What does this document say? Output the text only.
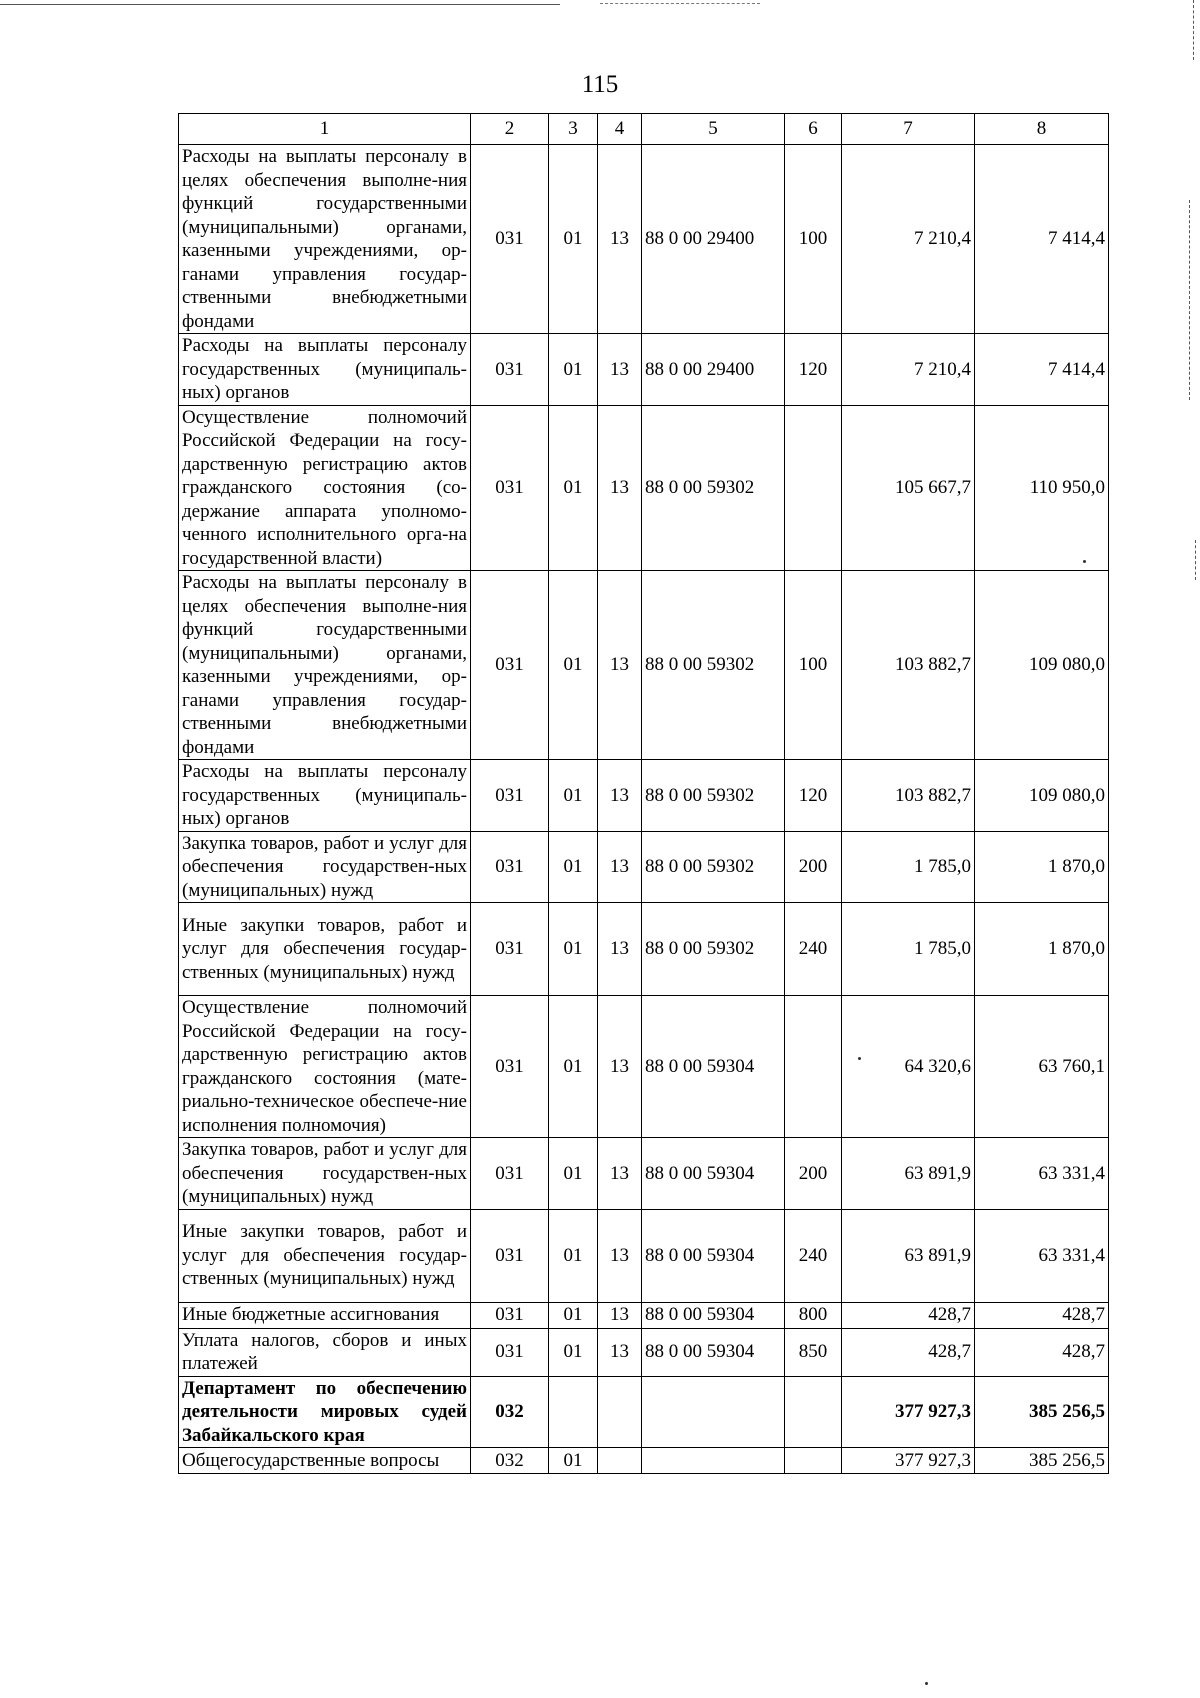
115
1	2	3	4	5	6	7	8
Расходы на выплаты персоналу в целях обеспечения выполне-ния функций государственными (муниципальными) органами, казенными учреждениями, ор-ганами управления государ-ственными внебюджетными фондами	031	01	13	88 0 00 29400	100	7 210,4	7 414,4
Расходы на выплаты персоналу государственных (муниципаль-ных) органов	031	01	13	88 0 00 29400	120	7 210,4	7 414,4
Осуществление полномочий Российской Федерации на госу-дарственную регистрацию актов гражданского состояния (со-держание аппарата уполномо-ченного исполнительного орга-на государственной власти)	031	01	13	88 0 00 59302		105 667,7	110 950,0
Расходы на выплаты персоналу в целях обеспечения выполне-ния функций государственными (муниципальными) органами, казенными учреждениями, ор-ганами управления государ-ственными внебюджетными фондами	031	01	13	88 0 00 59302	100	103 882,7	109 080,0
Расходы на выплаты персоналу государственных (муниципаль-ных) органов	031	01	13	88 0 00 59302	120	103 882,7	109 080,0
Закупка товаров, работ и услуг для обеспечения государствен-ных (муниципальных) нужд	031	01	13	88 0 00 59302	200	1 785,0	1 870,0
Иные закупки товаров, работ и услуг для обеспечения государ-ственных (муниципальных) нужд	031	01	13	88 0 00 59302	240	1 785,0	1 870,0
Осуществление полномочий Российской Федерации на госу-дарственную регистрацию актов гражданского состояния (мате-риально-техническое обеспече-ние исполнения полномочия)	031	01	13	88 0 00 59304		64 320,6	63 760,1
Закупка товаров, работ и услуг для обеспечения государствен-ных (муниципальных) нужд	031	01	13	88 0 00 59304	200	63 891,9	63 331,4
Иные закупки товаров, работ и услуг для обеспечения государ-ственных (муниципальных) нужд	031	01	13	88 0 00 59304	240	63 891,9	63 331,4
Иные бюджетные ассигнования	031	01	13	88 0 00 59304	800	428,7	428,7
Уплата налогов, сборов и иных платежей	031	01	13	88 0 00 59304	850	428,7	428,7
Департамент по обеспечению деятельности мировых судей Забайкальского края	032					377 927,3	385 256,5
Общегосударственные вопросы	032	01				377 927,3	385 256,5
